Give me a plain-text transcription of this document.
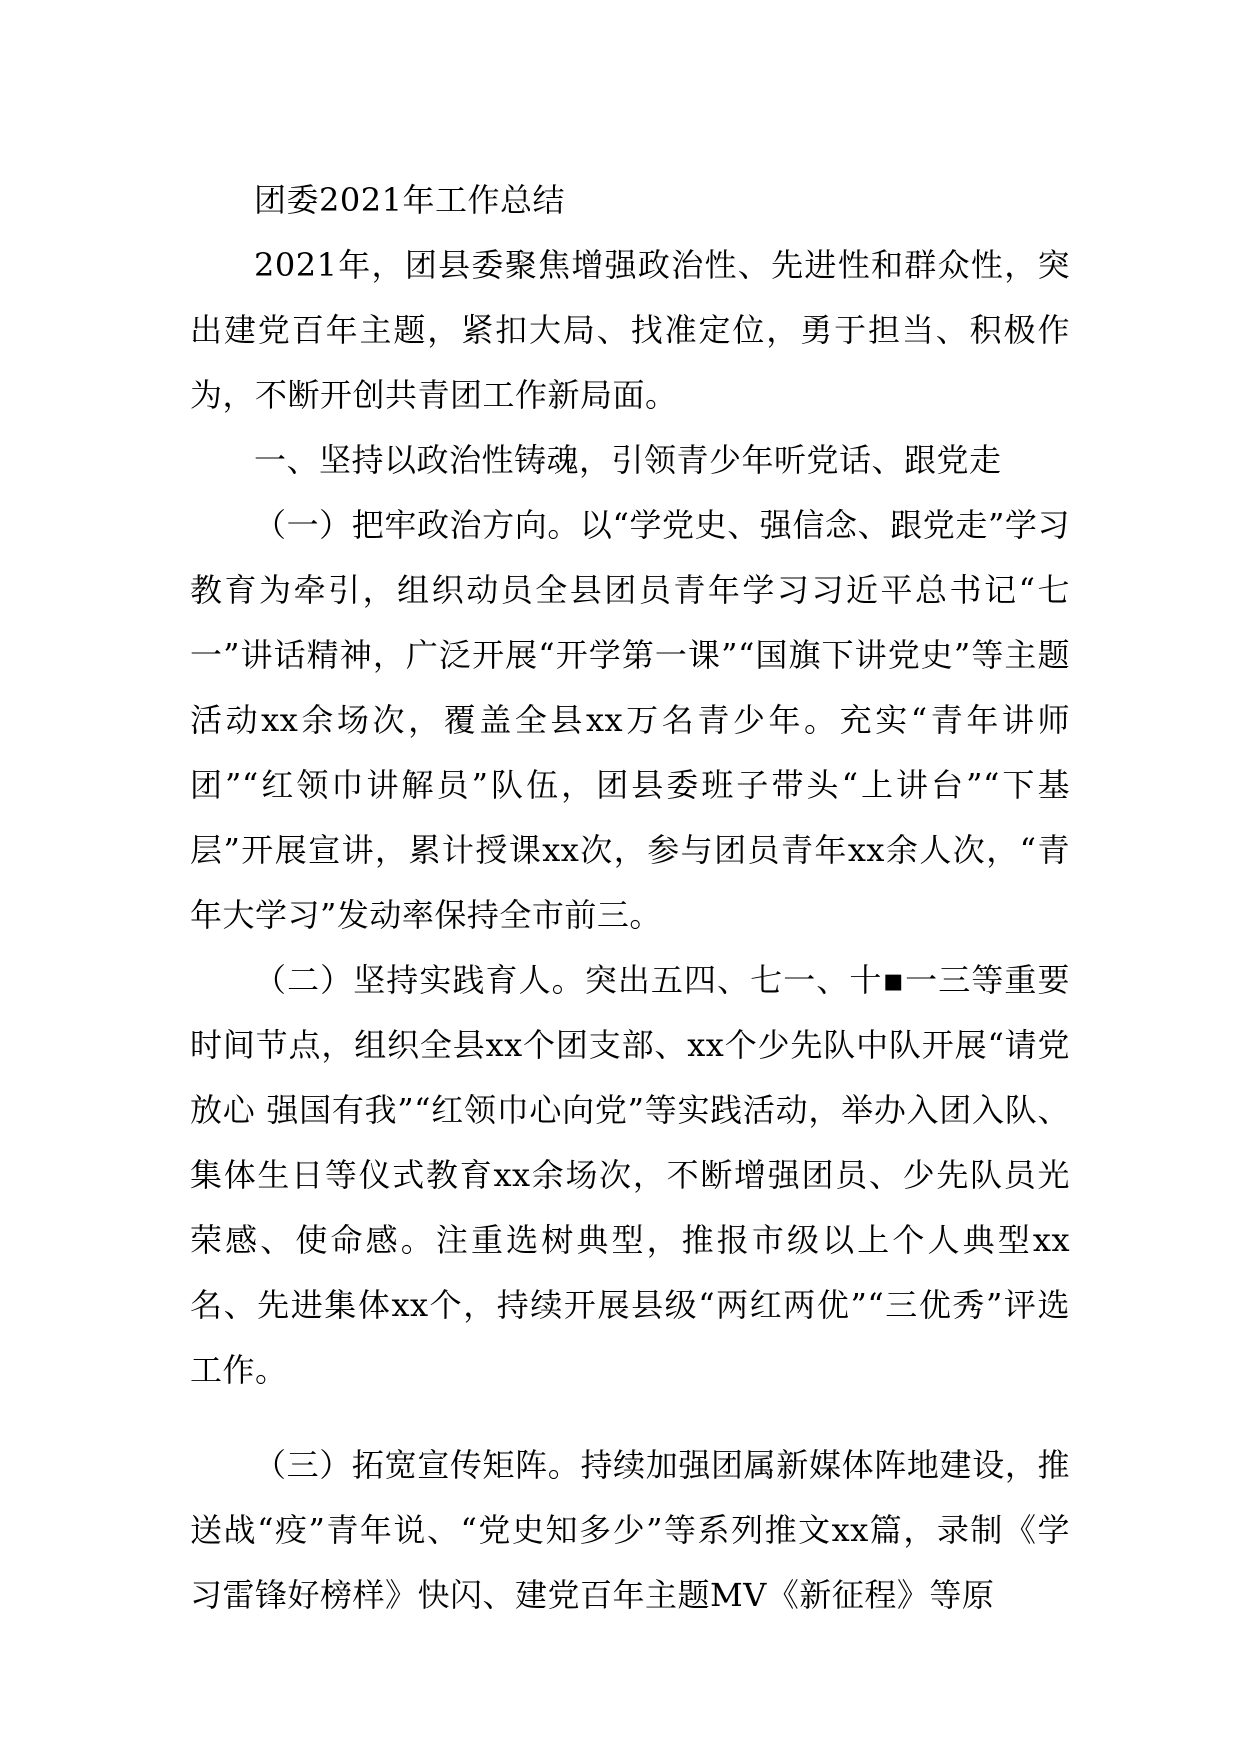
团委2021年工作总结

2021年，团县委聚焦增强政治性、先进性和群众性，突出建党百年主题，紧扣大局、找准定位，勇于担当、积极作为，不断开创共青团工作新局面。

一、坚持以政治性铸魂，引领青少年听党话、跟党走

（一）把牢政治方向。以“学党史、强信念、跟党走”学习教育为牵引，组织动员全县团员青年学习习近平总书记“七一”讲话精神，广泛开展“开学第一课”“国旗下讲党史”等主题活动xx余场次，覆盖全县xx万名青少年。充实“青年讲师团”“红领巾讲解员”队伍，团县委班子带头“上讲台”“下基层”开展宣讲，累计授课xx次，参与团员青年xx余人次，“青年大学习”发动率保持全市前三。

（二）坚持实践育人。突出五四、七一、十▪一三等重要时间节点，组织全县xx个团支部、xx个少先队中队开展“请党放心 强国有我”“红领巾心向党”等实践活动，举办入团入队、集体生日等仪式教育xx余场次，不断增强团员、少先队员光荣感、使命感。注重选树典型，推报市级以上个人典型xx名、先进集体xx个，持续开展县级“两红两优”“三优秀”评选工作。

（三）拓宽宣传矩阵。持续加强团属新媒体阵地建设，推送战“疫”青年说、“党史知多少”等系列推文xx篇，录制《学习雷锋好榜样》快闪、建党百年主题MV《新征程》等原
